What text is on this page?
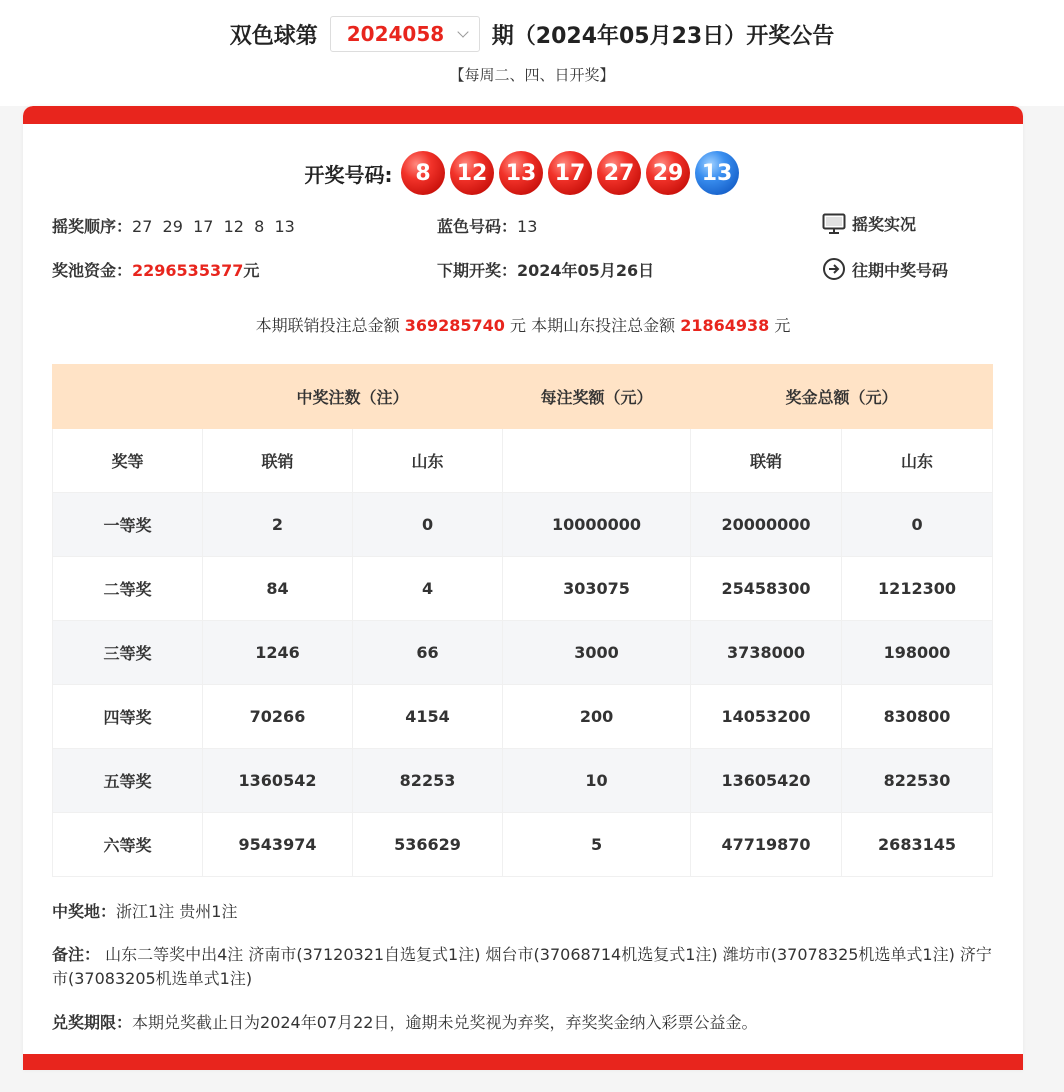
双色球第 2024058 期（2024年05月23日）开奖公告
【每周二、四、日开奖】
开奖号码:	8	12 13 17 27 29 13
摇奖顺序：27  29  17  12  8  13	蓝色号码：13	摇奖实况
奖池资金：2296535377元	下期开奖：2024年05月26日	往期中奖号码
本期联销投注总金额 369285740 元 本期山东投注总金额 21864938 元
	中奖注数（注）		每注奖额（元）	奖金总额（元）	
奖等	联销	山东		联销	山东
一等奖	2	0	10000000	20000000	0
二等奖	84	4	303075	25458300	1212300
三等奖	1246	66	3000	3738000	198000
四等奖	70266	4154	200	14053200	830800
五等奖	1360542	82253	10	13605420	822530
六等奖	9543974	536629	5	47719870	2683145
中奖地：浙江1注 贵州1注
备注： 山东二等奖中出4注 济南市(37120321自选复式1注) 烟台市(37068714机选复式1注) 潍坊市(37078325机选单式1注) 济宁市(37083205机选单式1注)
兑奖期限：本期兑奖截止日为2024年07月22日，逾期未兑奖视为弃奖，弃奖奖金纳入彩票公益金。
